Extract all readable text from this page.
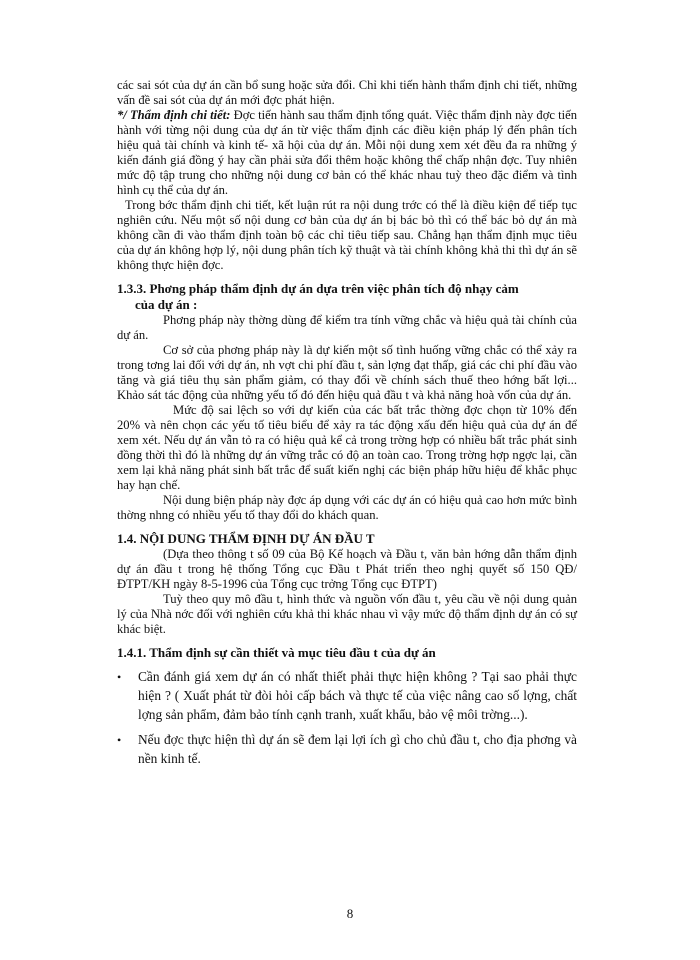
các sai sót của dự án cần bổ sung hoặc sửa đổi. Chỉ khi tiến hành thẩm định chi tiết, những vấn đề sai sót của dự án mới đợc phát hiện.

*/ Thẩm định chi tiết: Đợc tiến hành sau thẩm định tổng quát. Việc thẩm định này đợc tiến hành với từng nội dung của dự án từ việc thẩm định các điều kiện pháp lý đến phân tích hiệu quả tài chính và kinh tế- xã hội của dự án. Mỗi nội dung xem xét đều đa ra những ý kiến đánh giá đồng ý hay cần phải sửa đổi thêm hoặc không thể chấp nhận đợc. Tuy nhiên mức độ tập trung cho những nội dung cơ bản có thể khác nhau tuỳ theo đặc điểm và tình hình cụ thể của dự án.

Trong bớc thẩm định chi tiết, kết luận rút ra nội dung trớc có thể là điều kiện để tiếp tục nghiên cứu. Nếu một số nội dung cơ bản của dự án bị bác bỏ thì có thể bác bỏ dự án mà không cần đi vào thẩm định toàn bộ các chỉ tiêu tiếp sau. Chẳng hạn thẩm định mục tiêu của dự án không hợp lý, nội dung phân tích kỹ thuật và tài chính không khả thi thì dự án sẽ không thực hiện đợc.

1.3.3. Phơng pháp thẩm định dự án dựa trên việc phân tích độ nhạy cảm
của dự án :

Phơng pháp này thờng dùng để kiểm tra tính vững chắc và hiệu quả tài chính của dự án.

Cơ sở của phơng pháp này là dự kiến một số tình huống vững chắc có thể xảy ra trong tơng lai đối với dự án, nh vợt chi phí đầu t, sản lợng đạt thấp, giá các chi phí đầu vào tăng và giá tiêu thụ sản phẩm giảm, có thay đổi về chính sách thuế theo hớng bất lợi... Khảo sát tác động của những yếu tố đó đến hiệu quả đầu t và khả năng hoà vốn của dự án.

Mức độ sai lệch so với dự kiến của các bất trắc thờng đợc chọn từ 10% đến 20% và nên chọn các yếu tố tiêu biểu để xảy ra tác động xấu đến hiệu quả của dự án để xem xét. Nếu dự án vẫn tỏ ra có hiệu quả kể cả trong trờng hợp có nhiều bất trắc phát sinh đồng thời thì đó là những dự án vững trắc có độ an toàn cao. Trong trờng hợp ngợc lại, cần xem lại khả năng phát sinh bất trắc để suất kiến nghị các biện pháp hữu hiệu để khắc phục hay hạn chế.

Nội dung biện pháp này đợc áp dụng với các dự án có hiệu quả cao hơn mức bình thờng nhng có nhiều yếu tố thay đổi do khách quan.

1.4. NỘI DUNG THẨM ĐỊNH DỰ ÁN ĐẦU T

(Dựa theo thông t số 09 của Bộ Kế hoạch và Đầu t, văn bản hớng dẫn thẩm định dự án đầu t trong hệ thống Tổng cục Đầu t Phát triển theo nghị quyết số 150 QĐ/ĐTPT/KH ngày 8-5-1996 của Tổng cục trởng Tổng cục ĐTPT)

Tuỳ theo quy mô đầu t, hình thức và nguồn vốn đầu t, yêu cầu về nội dung quản lý của Nhà nớc đối với nghiên cứu khả thi khác nhau vì vậy mức độ thẩm định dự án có sự khác biệt.

1.4.1. Thẩm định sự cần thiết và mục tiêu đầu t của dự án
• Cần đánh giá xem dự án có nhất thiết phải thực hiện không ? Tại sao phải thực hiện ? ( Xuất phát từ đòi hỏi cấp bách và thực tế của việc nâng cao số lợng, chất lợng sản phẩm, đảm bảo tính cạnh tranh, xuất khẩu, bảo vệ môi trờng...).
• Nếu đợc thực hiện thì dự án sẽ đem lại lợi ích gì cho chủ đầu t, cho địa phơng và nền kinh tế.
8
